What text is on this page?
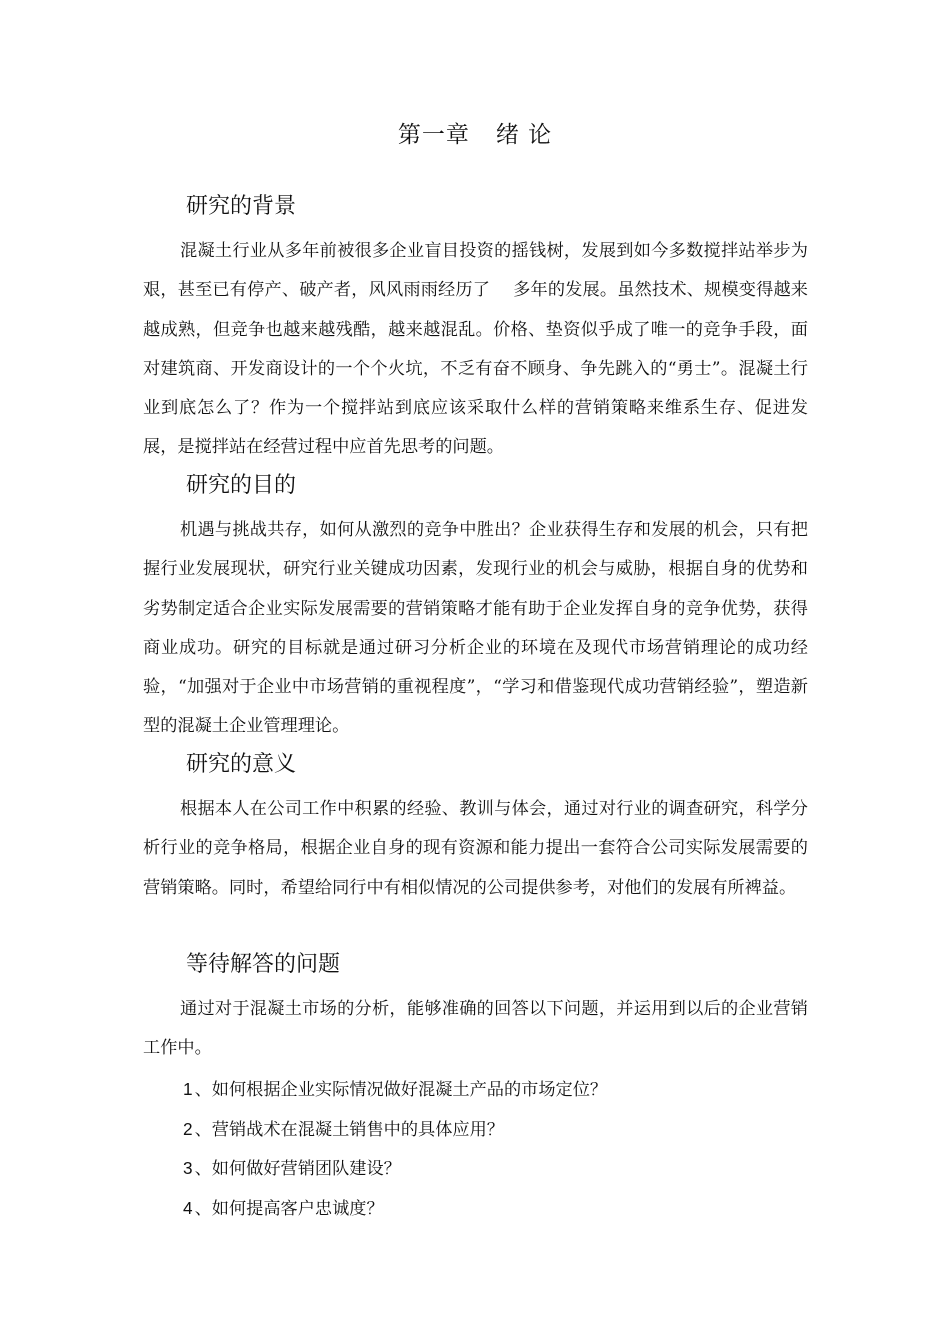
第一章 绪 论
研究的背景

混凝土行业从多年前被很多企业盲目投资的摇钱树，发展到如今多数搅拌站举步为艰，甚至已有停产、破产者，风风雨雨经历了　 多年的发展。虽然技术、规模变得越来越成熟，但竞争也越来越残酷，越来越混乱。价格、垫资似乎成了唯一的竞争手段，面对建筑商、开发商设计的一个个火坑，不乏有奋不顾身、争先跳入的“勇士”。混凝土行业到底怎么了？作为一个搅拌站到底应该采取什么样的营销策略来维系生存、促进发展，是搅拌站在经营过程中应首先思考的问题。

研究的目的

机遇与挑战共存，如何从激烈的竞争中胜出？企业获得生存和发展的机会，只有把握行业发展现状，研究行业关键成功因素，发现行业的机会与威胁，根据自身的优势和劣势制定适合企业实际发展需要的营销策略才能有助于企业发挥自身的竞争优势，获得商业成功。研究的目标就是通过研习分析企业的环境在及现代市场营销理论的成功经验，“加强对于企业中市场营销的重视程度”，“学习和借鉴现代成功营销经验”，塑造新型的混凝土企业管理理论。

研究的意义

根据本人在公司工作中积累的经验、教训与体会，通过对行业的调查研究，科学分析行业的竞争格局，根据企业自身的现有资源和能力提出一套符合公司实际发展需要的营销策略。同时，希望给同行中有相似情况的公司提供参考，对他们的发展有所裨益。

等待解答的问题

通过对于混凝土市场的分析，能够准确的回答以下问题，并运用到以后的企业营销工作中。

1 、如何根据企业实际情况做好混凝土产品的市场定位？
2 、营销战术在混凝土销售中的具体应用？
3 、如何做好营销团队建设？
4 、如何提高客户忠诚度？
